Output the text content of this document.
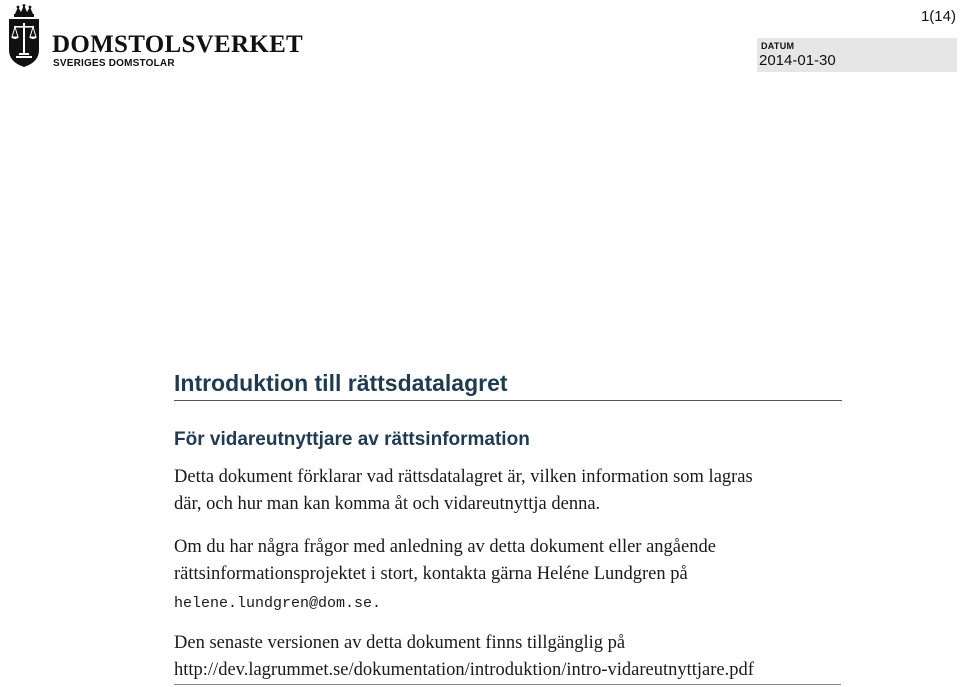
DOMSTOLSVERKET
SVERIGES DOMSTOLAR
1(14)
DATUM
2014-01-30
Introduktion till rättsdatalagret
För vidareutnyttjare av rättsinformation
Detta dokument förklarar vad rättsdatalagret är, vilken information som lagras
där, och hur man kan komma åt och vidareutnyttja denna.
Om du har några frågor med anledning av detta dokument eller angående
rättsinformationsprojektet i stort, kontakta gärna Heléne Lundgren på
helene.lundgren@dom.se.
Den senaste versionen av detta dokument finns tillgänglig på
http://dev.lagrummet.se/dokumentation/introduktion/intro-vidareutnyttjare.pdf
